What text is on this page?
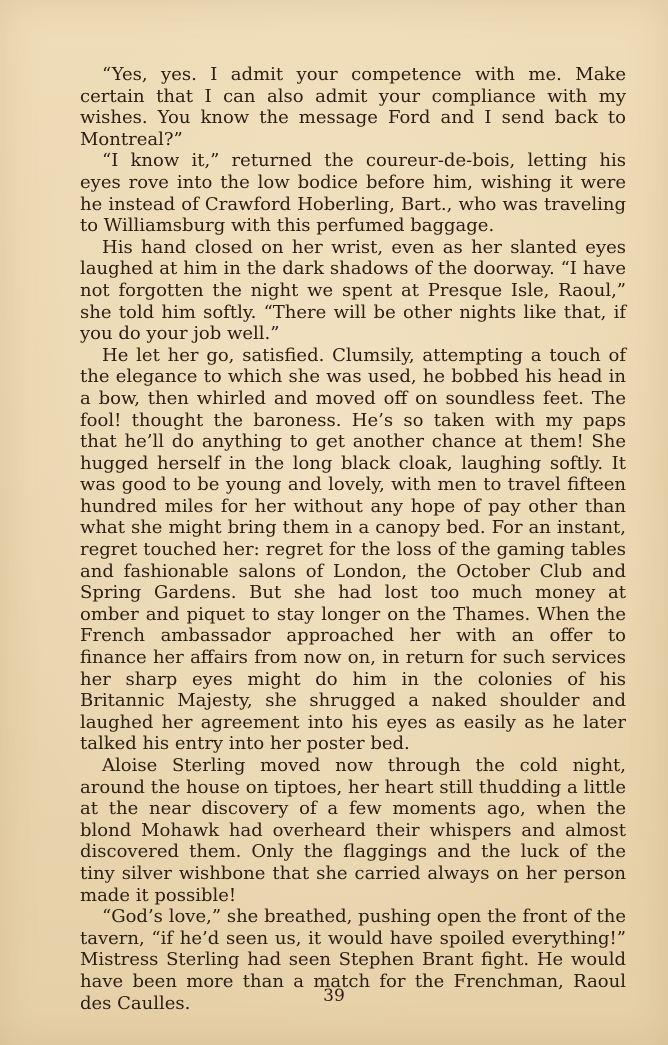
“Yes, yes. I admit your competence with me. Make certain that I can also admit your compliance with my wishes. You know the message Ford and I send back to Montreal?”

“I know it,” returned the coureur-de-bois, letting his eyes rove into the low bodice before him, wishing it were he instead of Crawford Hoberling, Bart., who was traveling to Williamsburg with this perfumed baggage.

His hand closed on her wrist, even as her slanted eyes laughed at him in the dark shadows of the doorway. “I have not forgotten the night we spent at Presque Isle, Raoul,” she told him softly. “There will be other nights like that, if you do your job well.”

He let her go, satisfied. Clumsily, attempting a touch of the elegance to which she was used, he bobbed his head in a bow, then whirled and moved off on soundless feet. The fool! thought the baroness. He’s so taken with my paps that he’ll do anything to get another chance at them! She hugged herself in the long black cloak, laughing softly. It was good to be young and lovely, with men to travel fifteen hundred miles for her without any hope of pay other than what she might bring them in a canopy bed. For an instant, regret touched her: regret for the loss of the gaming tables and fashionable salons of London, the October Club and Spring Gardens. But she had lost too much money at omber and piquet to stay longer on the Thames. When the French ambassador approached her with an offer to finance her affairs from now on, in return for such services her sharp eyes might do him in the colonies of his Britannic Majesty, she shrugged a naked shoulder and laughed her agreement into his eyes as easily as he later talked his entry into her poster bed.

Aloise Sterling moved now through the cold night, around the house on tiptoes, her heart still thudding a little at the near discovery of a few moments ago, when the blond Mohawk had overheard their whispers and almost discovered them. Only the flaggings and the luck of the tiny silver wishbone that she carried always on her person made it possible!

“God’s love,” she breathed, pushing open the front of the tavern, “if he’d seen us, it would have spoiled everything!” Mistress Sterling had seen Stephen Brant fight. He would have been more than a match for the Frenchman, Raoul des Caulles.	39
